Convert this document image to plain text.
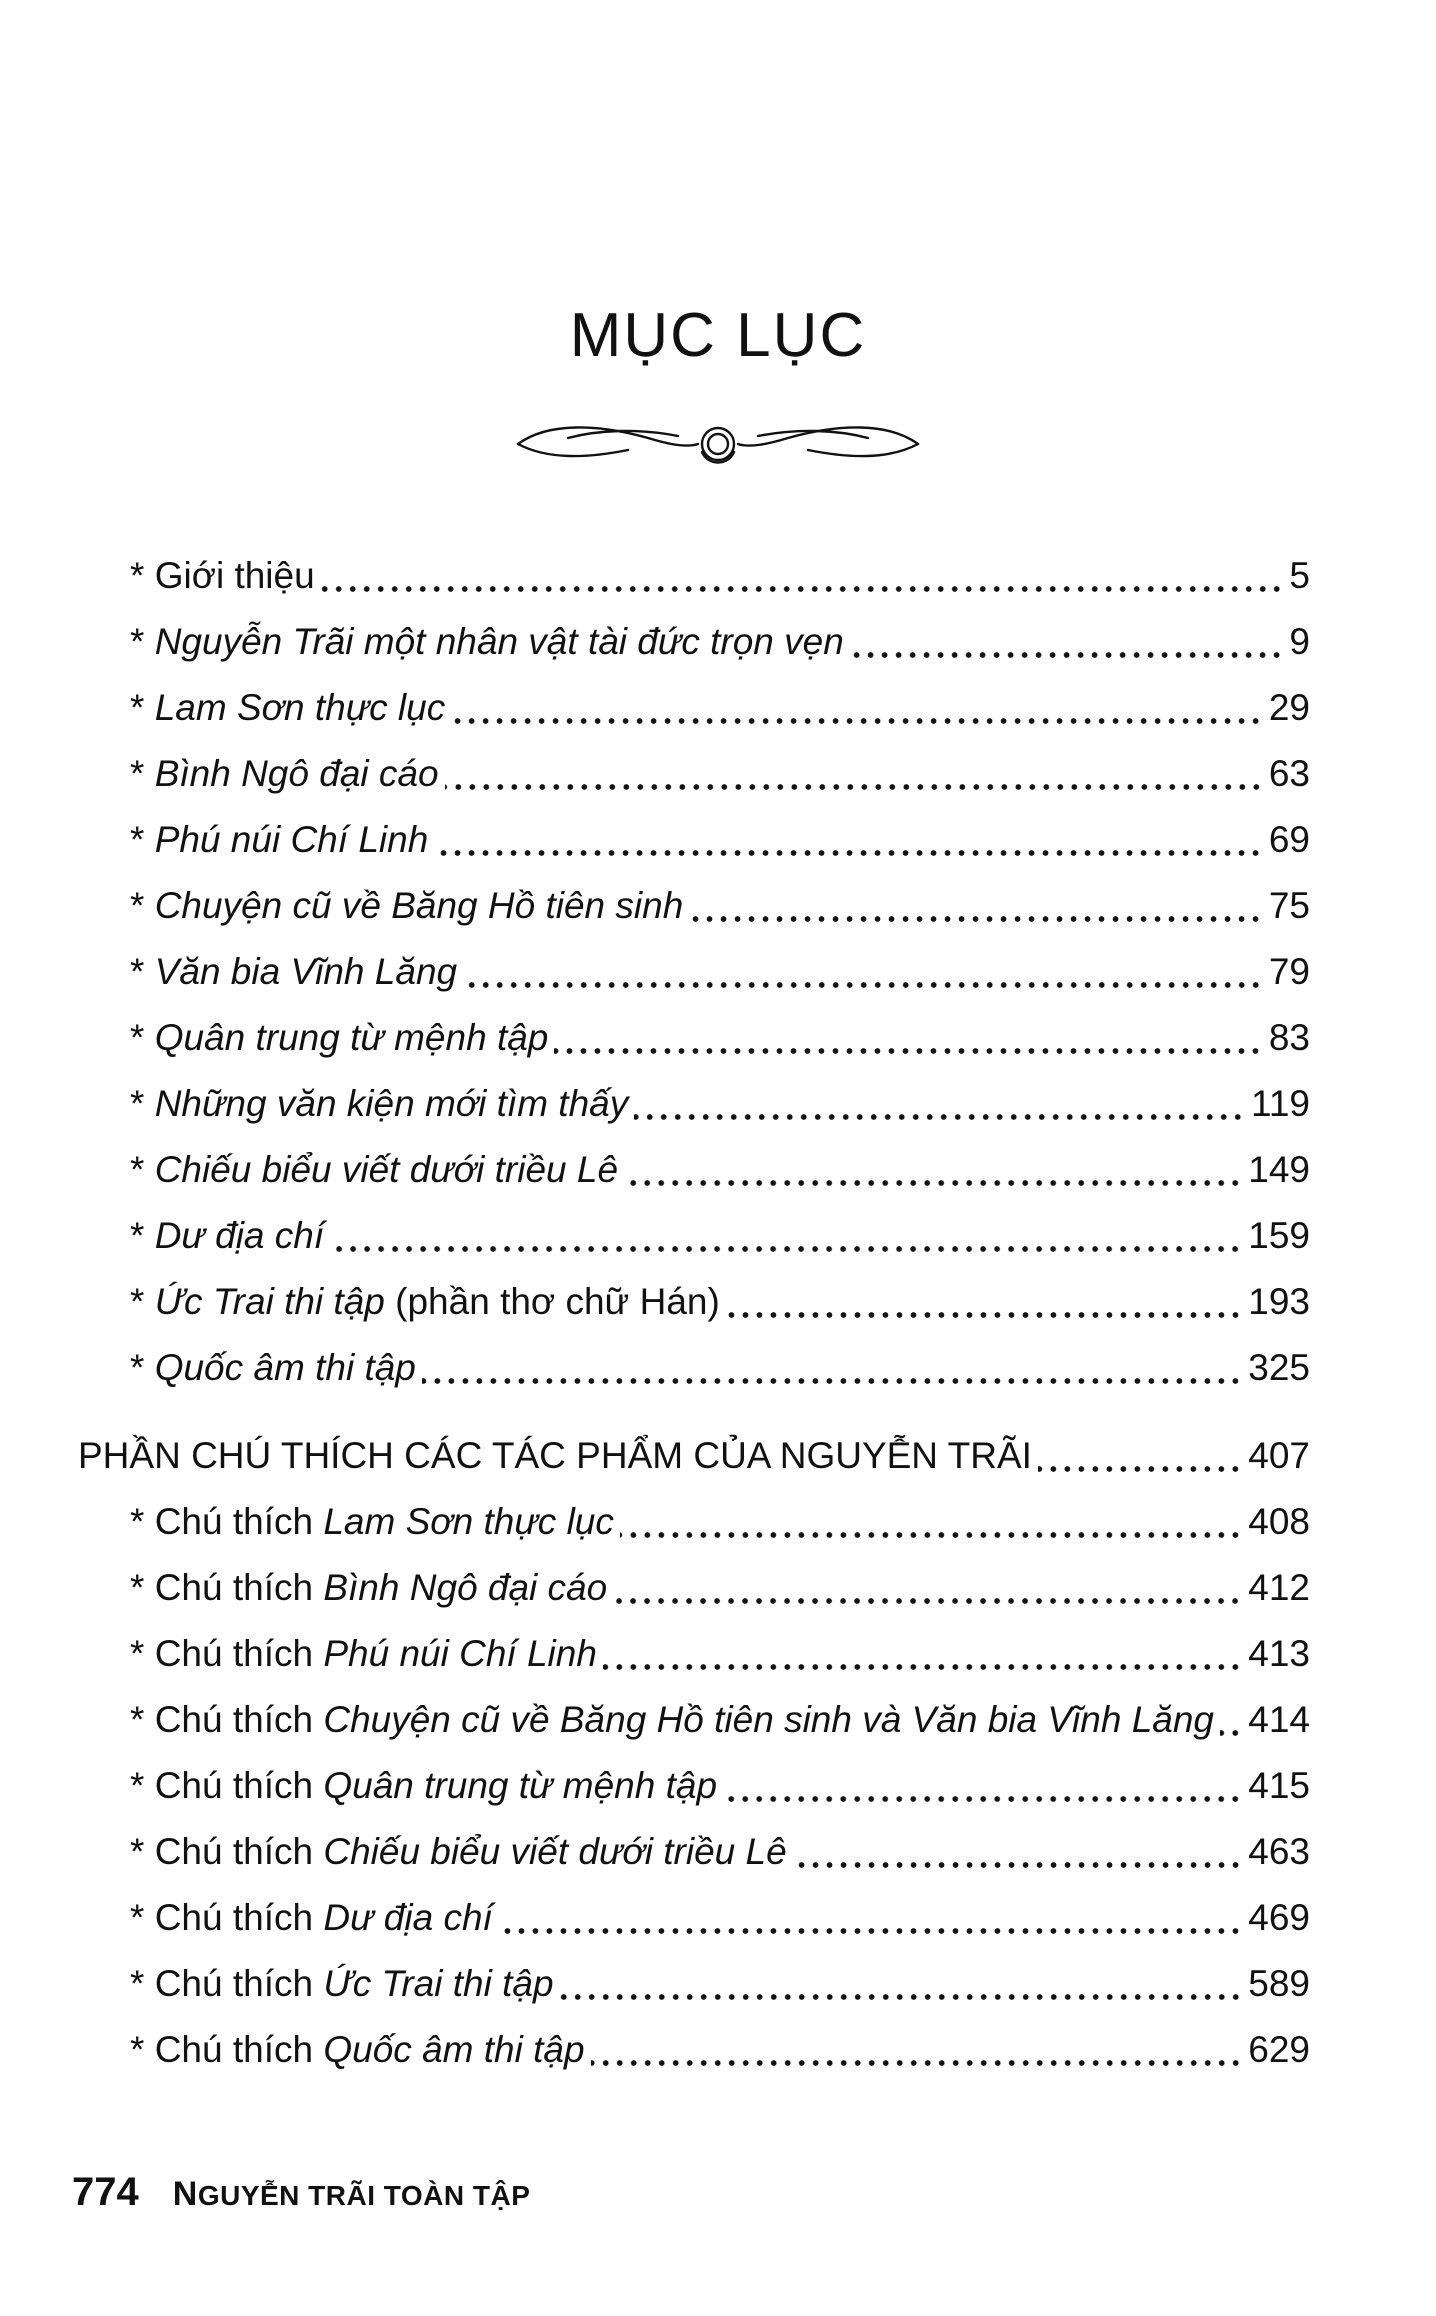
MỤC LỤC
* Giới thiệu	5
* Nguyễn Trãi một nhân vật tài đức trọn vẹn	9
* Lam Sơn thực lục	29
* Bình Ngô đại cáo	63
* Phú núi Chí Linh	69
* Chuyện cũ về Băng Hồ tiên sinh	75
* Văn bia Vĩnh Lăng	79
* Quân trung từ mệnh tập	83
* Những văn kiện mới tìm thấy	119
* Chiếu biểu viết dưới triều Lê	149
* Dư địa chí	159
* Ức Trai thi tập (phần thơ chữ Hán)	193
* Quốc âm thi tập	325
PHẦN CHÚ THÍCH CÁC TÁC PHẨM CỦA NGUYỄN TRÃI	407
* Chú thích Lam Sơn thực lục	408
* Chú thích Bình Ngô đại cáo	412
* Chú thích Phú núi Chí Linh	413
* Chú thích Chuyện cũ về Băng Hồ tiên sinh và Văn bia Vĩnh Lăng 414
* Chú thích Quân trung từ mệnh tập	415
* Chú thích Chiếu biểu viết dưới triều Lê	463
* Chú thích Dư địa chí	469
* Chú thích Ức Trai thi tập	589
* Chú thích Quốc âm thi tập	629
774 NGUYỄN TRÃI TOÀN TẬP
